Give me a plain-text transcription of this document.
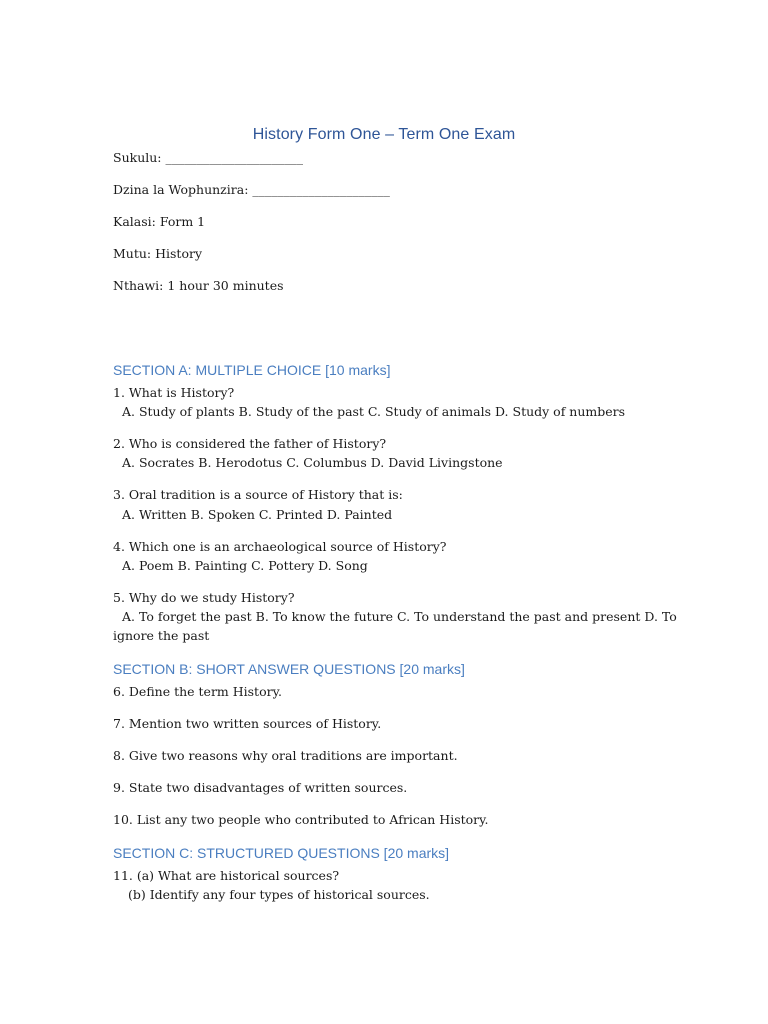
History Form One – Term One Exam
Sukulu: ______________________
Dzina la Wophunzira: ______________________
Kalasi: Form 1
Mutu: History
Nthawi: 1 hour 30 minutes
SECTION A: MULTIPLE CHOICE [10 marks]
1. What is History?
A. Study of plants B. Study of the past C. Study of animals D. Study of numbers
2. Who is considered the father of History?
A. Socrates B. Herodotus C. Columbus D. David Livingstone
3. Oral tradition is a source of History that is:
A. Written B. Spoken C. Printed D. Painted
4. Which one is an archaeological source of History?
A. Poem B. Painting C. Pottery D. Song
5. Why do we study History?
A. To forget the past B. To know the future C. To understand the past and present D. To
ignore the past
SECTION B: SHORT ANSWER QUESTIONS [20 marks]
6. Define the term History.
7. Mention two written sources of History.
8. Give two reasons why oral traditions are important.
9. State two disadvantages of written sources.
10. List any two people who contributed to African History.
SECTION C: STRUCTURED QUESTIONS [20 marks]
11. (a) What are historical sources?
(b) Identify any four types of historical sources.
